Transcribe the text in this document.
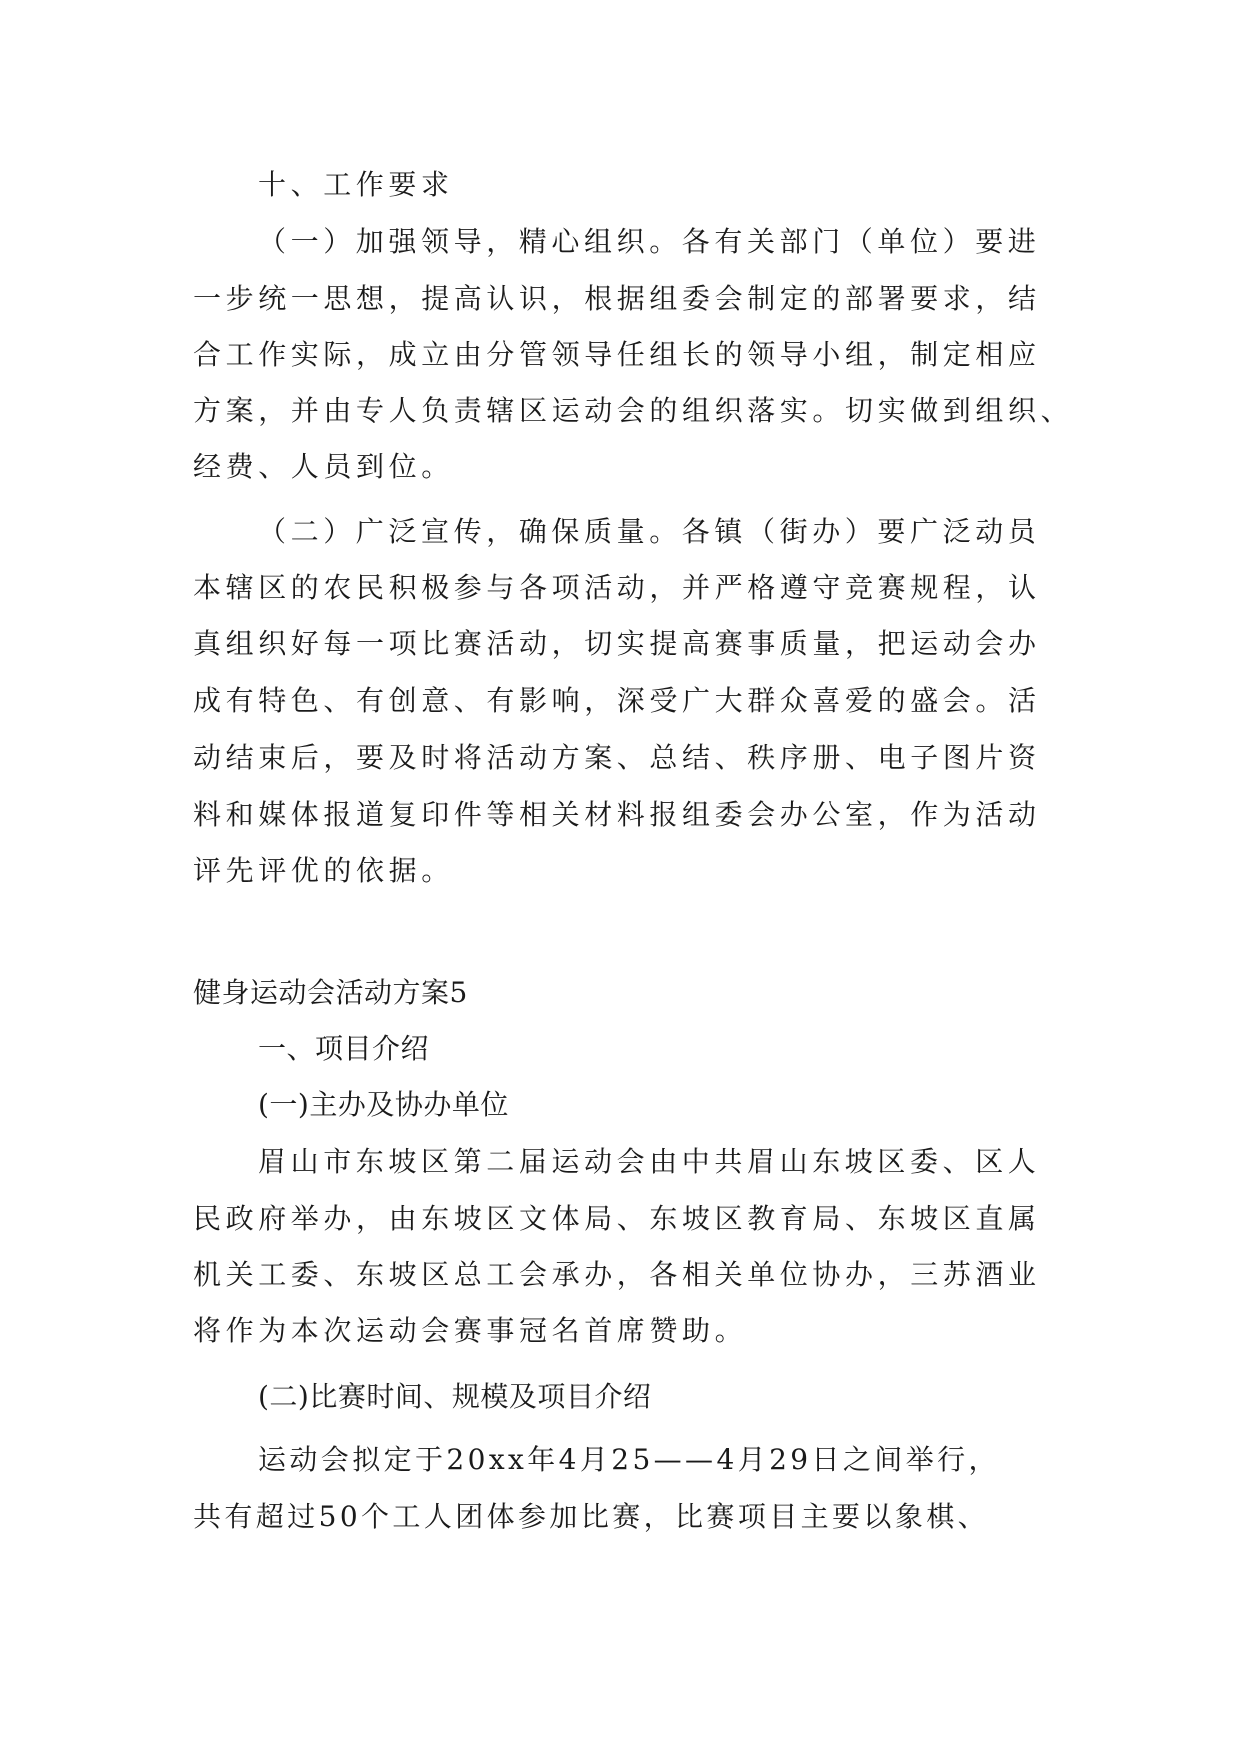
十、工作要求
（一）加强领导，精心组织。各有关部门（单位）要进
一步统一思想，提高认识，根据组委会制定的部署要求，结
合工作实际，成立由分管领导任组长的领导小组，制定相应
方案，并由专人负责辖区运动会的组织落实。切实做到组织、
经费、人员到位。
（二）广泛宣传，确保质量。各镇（街办）要广泛动员
本辖区的农民积极参与各项活动，并严格遵守竞赛规程，认
真组织好每一项比赛活动，切实提高赛事质量，把运动会办
成有特色、有创意、有影响，深受广大群众喜爱的盛会。活
动结束后，要及时将活动方案、总结、秩序册、电子图片资
料和媒体报道复印件等相关材料报组委会办公室，作为活动
评先评优的依据。
健身运动会活动方案5
一、项目介绍
(一)主办及协办单位
眉山市东坡区第二届运动会由中共眉山东坡区委、区人
民政府举办，由东坡区文体局、东坡区教育局、东坡区直属
机关工委、东坡区总工会承办，各相关单位协办，三苏酒业
将作为本次运动会赛事冠名首席赞助。
(二)比赛时间、规模及项目介绍
运动会拟定于20xx年4月25——4月29日之间举行，
共有超过50个工人团体参加比赛，比赛项目主要以象棋、
